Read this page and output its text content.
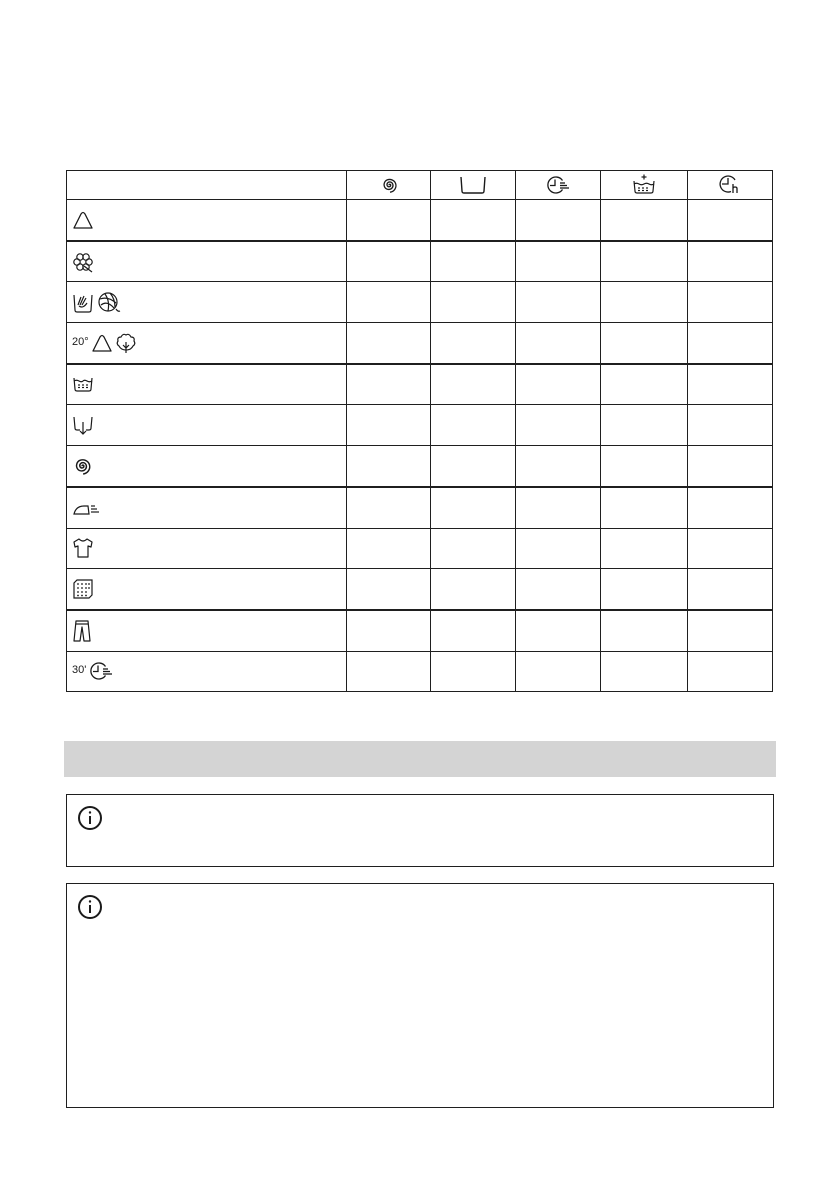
20°

30'
